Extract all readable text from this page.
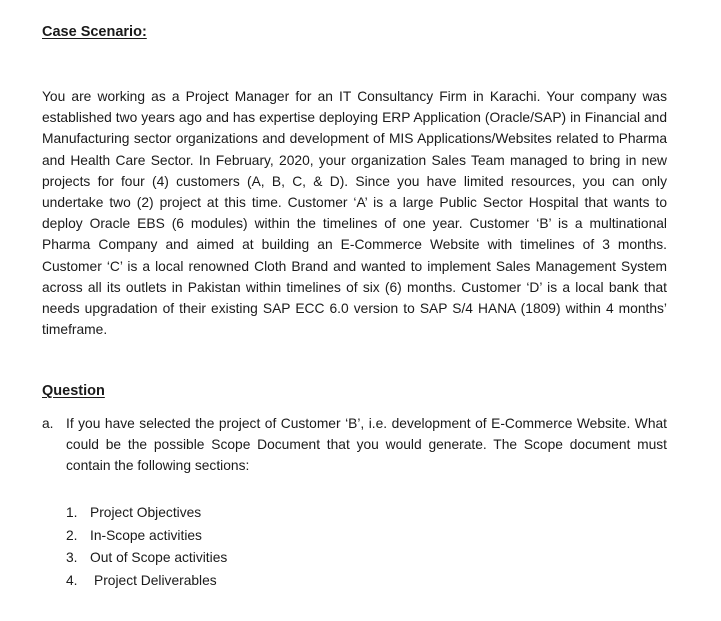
Case Scenario:

You are working as a Project Manager for an IT Consultancy Firm in Karachi. Your company was established two years ago and has expertise deploying ERP Application (Oracle/SAP) in Financial and Manufacturing sector organizations and development of MIS Applications/Websites related to Pharma and Health Care Sector. In February, 2020, your organization Sales Team managed to bring in new projects for four (4) customers (A, B, C, & D). Since you have limited resources, you can only undertake two (2) project at this time. Customer ‘A’ is a large Public Sector Hospital that wants to deploy Oracle EBS (6 modules) within the timelines of one year. Customer ‘B’ is a multinational Pharma Company and aimed at building an E-Commerce Website with timelines of 3 months. Customer ‘C’ is a local renowned Cloth Brand and wanted to implement Sales Management System across all its outlets in Pakistan within timelines of six (6) months. Customer ‘D’ is a local bank that needs upgradation of their existing SAP ECC 6.0 version to SAP S/4 HANA (1809) within 4 months’ timeframe.

Question
a. If you have selected the project of Customer ‘B’, i.e. development of E-Commerce Website. What could be the possible Scope Document that you would generate. The Scope document must contain the following sections:

1. Project Objectives
2. In-Scope activities
3. Out of Scope activities
4.	Project Deliverables
